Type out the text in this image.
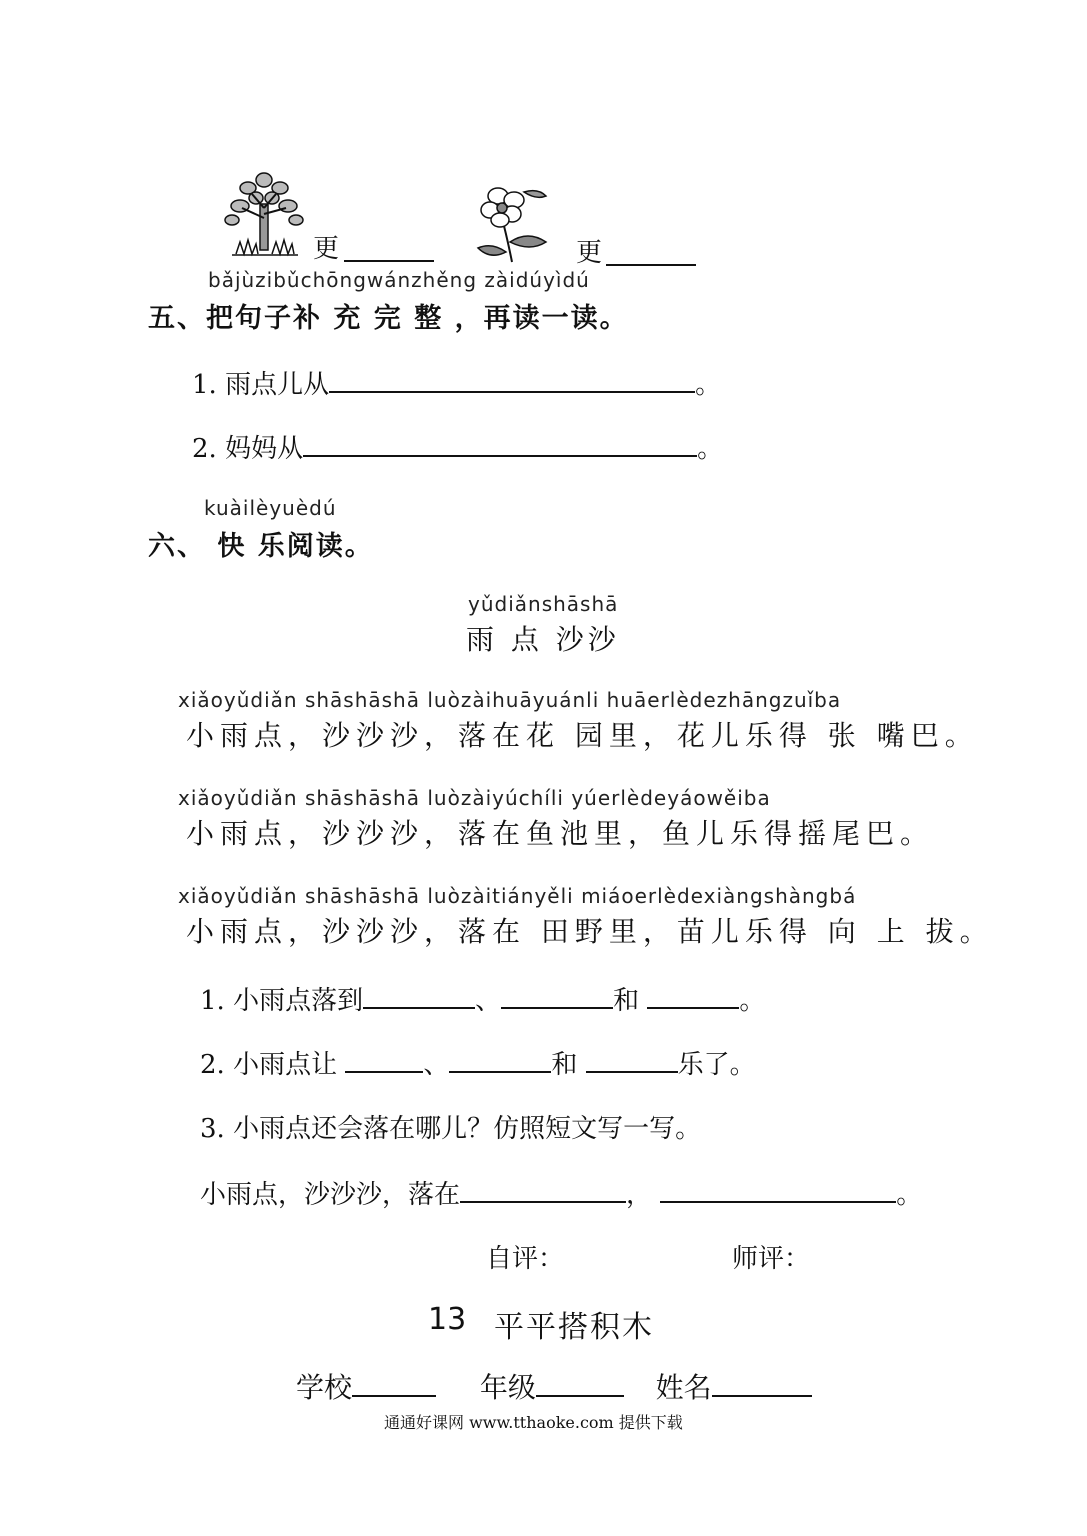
更	更
bǎjùzibǔchōngwánzhěng zàidúyìdú
五、把句子补 充 完 整 ，再读一读。
1. 雨点儿从	。
2. 妈妈从	。
kuàilèyuèdú
六、 快 乐阅读。
yǔdiǎnshāshā
雨 点 沙沙
xiǎoyǔdiǎn shāshāshā luòzàihuāyuánli huāerlèdezhāngzuǐba
小雨点，沙沙沙，落在花 园里，花儿乐得 张 嘴巴。
xiǎoyǔdiǎn shāshāshā luòzàiyúchíli yúerlèdeyáowěiba
小雨点，沙沙沙，落在鱼池里，鱼儿乐得摇尾巴。
xiǎoyǔdiǎn shāshāshā luòzàitiányěli miáoerlèdexiàngshàngbá
小雨点，沙沙沙，落在 田野里，苗儿乐得 向 上 拔。
1. 小雨点落到	、	和	。
2. 小雨点让	、	和	乐了。
3. 小雨点还会落在哪儿？仿照短文写一写。
小雨点，沙沙沙，落在	，	。
自评：	师评：
13 平平搭积木
学校	年级	姓名
通通好课网 www.tthaoke.com 提供下载
